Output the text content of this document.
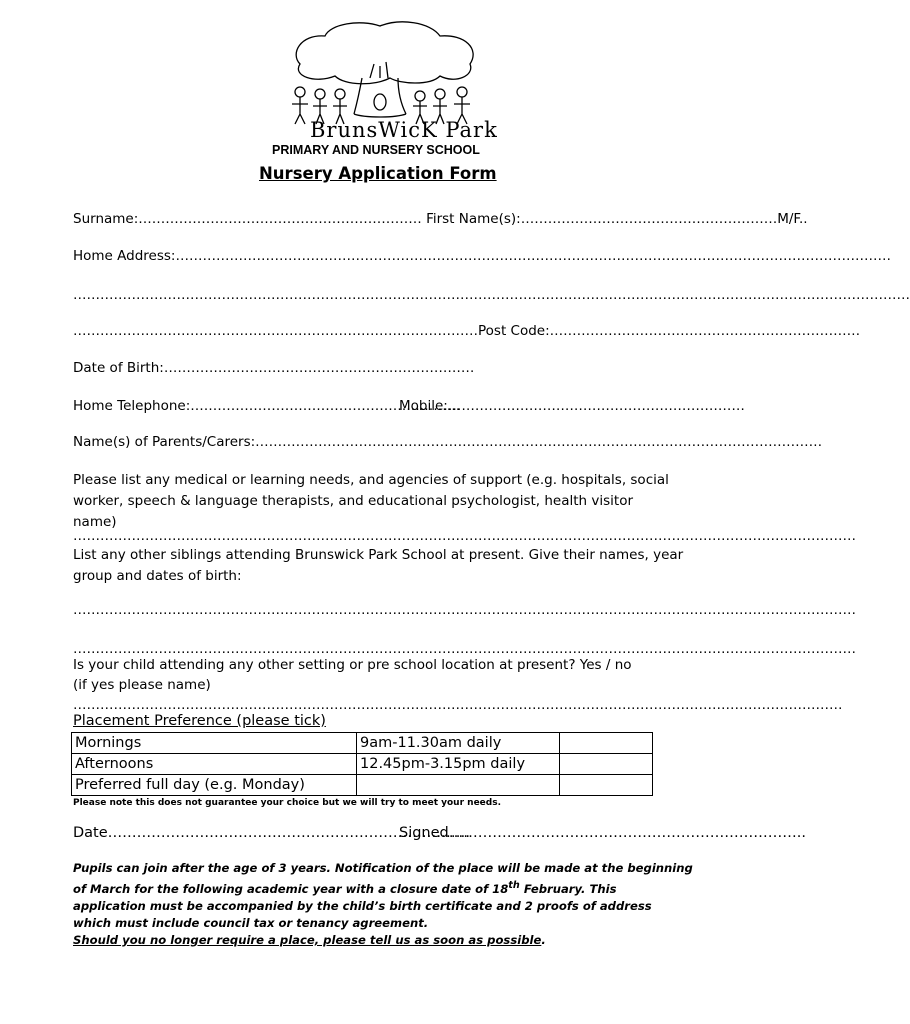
BrunsWicK Park
PRIMARY AND NURSERY SCHOOL
Nursery Application Form
Surname:……………………………………………………… First Name(s):…………………………………………………M/F..
Home Address:……………………………………………………………………………………………………………………………………………
……………………………………………………………………………………………………………………………………………………………………
………………………………………………………………………………Post Code:……………………………………………………………
Date of Birth:……………………………………………………………
Home Telephone:……………………………………………………
Mobile:…………………………………………………………
Name(s) of Parents/Carers:………………………………………………………………………………………………………………
Please list any medical or learning needs, and agencies of support (e.g. hospitals, social worker, speech & language therapists, and educational psychologist, health visitor name)
…………………………………………………………………………………………………………………………………………………………
List any other siblings attending Brunswick Park School at present. Give their names, year group and dates of birth:
…………………………………………………………………………………………………………………………………………………………
…………………………………………………………………………………………………………………………………………………………
Is your child attending any other setting or pre school location at present? Yes / no
(if yes please name)
………………………………………………………………………………………………………………………………………………………
Placement Preference (please tick)
Mornings	9am-11.30am daily	
Afternoons	12.45pm-3.15pm daily	
Preferred full day (e.g. Monday)		
Please note this does not guarantee your choice but we will try to meet your needs.
Date…………………………………………………………………
Signed………………………………………………………………..
Pupils can join after the age of 3 years. Notification of the place will be made at the beginning of March for the following academic year with a closure date of 18th February. This application must be accompanied by the child’s birth certificate and 2 proofs of address which must include council tax or tenancy agreement.
Should you no longer require a place, please tell us as soon as possible.
